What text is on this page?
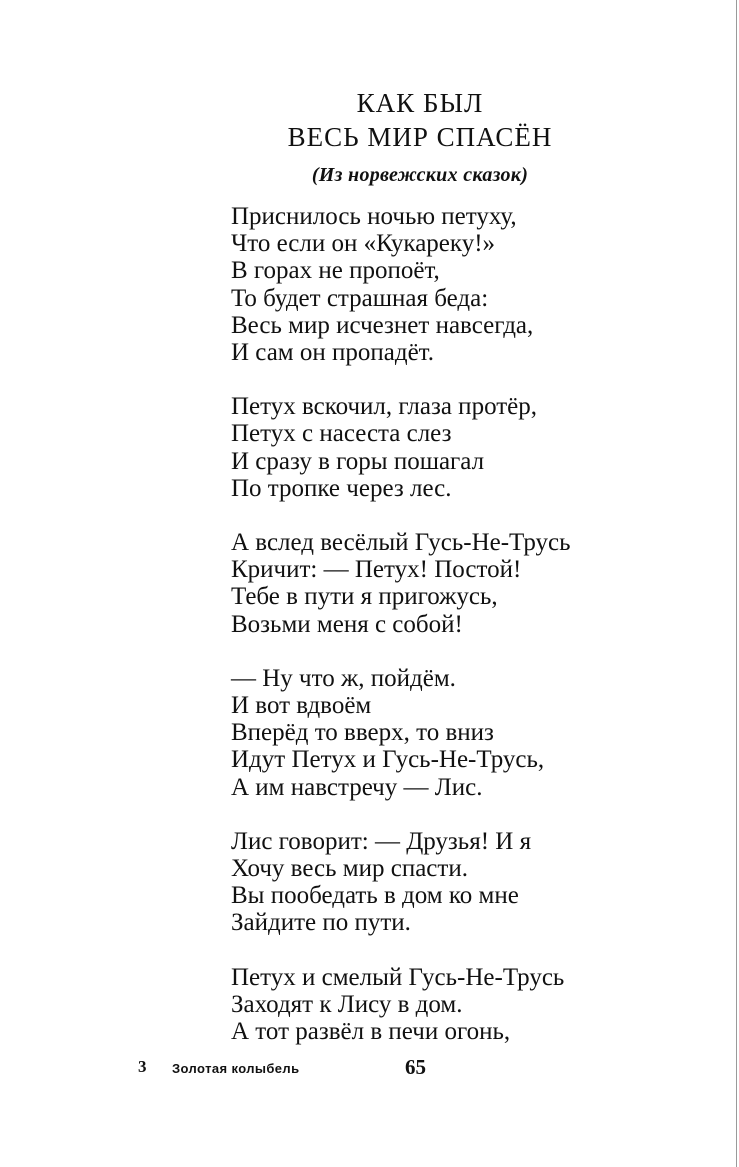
КАК БЫЛ
ВЕСЬ МИР СПАСЁН
(Из норвежских сказок)
Приснилось ночью петуху,
Что если он «Кукареку!»
В горах не пропоёт,
То будет страшная беда:
Весь мир исчезнет навсегда,
И сам он пропадёт.
Петух вскочил, глаза протёр,
Петух с насеста слез
И сразу в горы пошагал
По тропке через лес.
А вслед весёлый Гусь-Не-Трусь
Кричит: — Петух! Постой!
Тебе в пути я пригожусь,
Возьми меня с собой!
— Ну что ж, пойдём.
И вот вдвоём
Вперёд то вверх, то вниз
Идут Петух и Гусь-Не-Трусь,
А им навстречу — Лис.
Лис говорит: — Друзья! И я
Хочу весь мир спасти.
Вы пообедать в дом ко мне
Зайдите по пути.
Петух и смелый Гусь-Не-Трусь
Заходят к Лису в дом.
А тот развёл в печи огонь,
3 Золотая колыбель	65
